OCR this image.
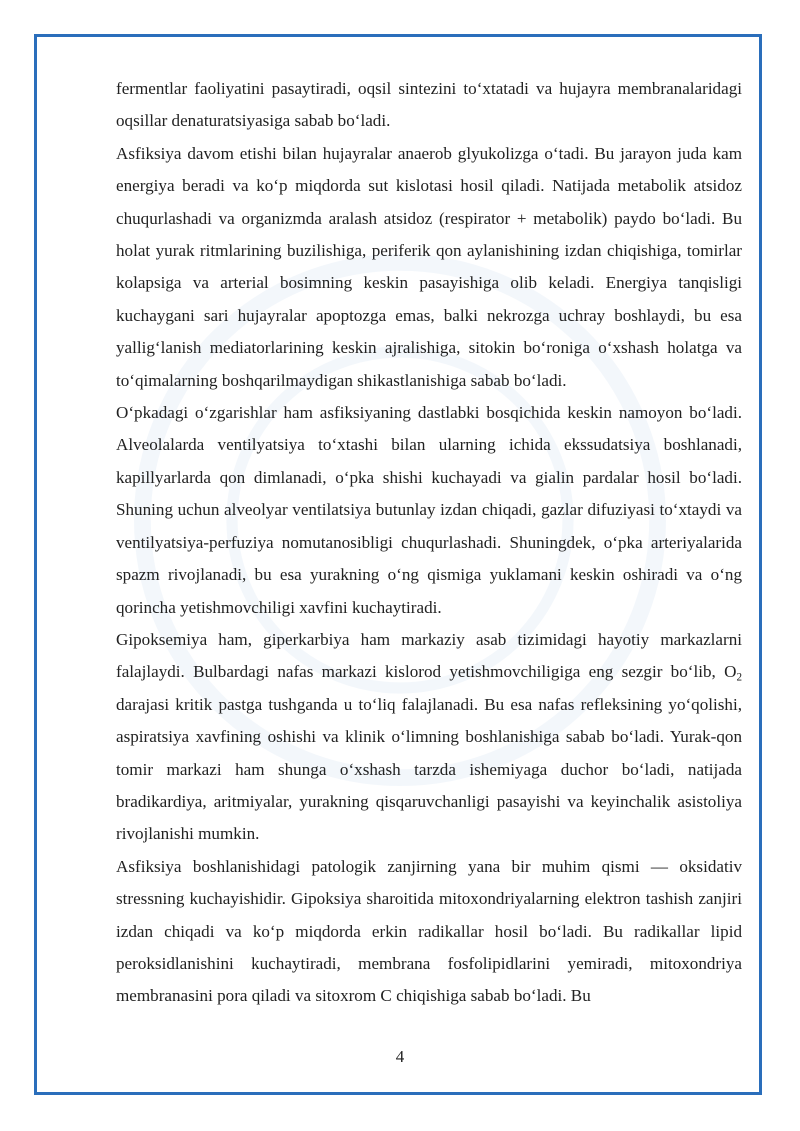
fermentlar faoliyatini pasaytiradi, oqsil sintezini to‘xtatadi va hujayra membranalaridagi oqsillar denaturatsiyasiga sabab bo‘ladi.

Asfiksiya davom etishi bilan hujayralar anaerob glyukolizga o‘tadi. Bu jarayon juda kam energiya beradi va ko‘p miqdorda sut kislotasi hosil qiladi. Natijada metabolik atsidoz chuqurlashadi va organizmda aralash atsidoz (respirator + metabolik) paydo bo‘ladi. Bu holat yurak ritmlarining buzilishiga, periferik qon aylanishining izdan chiqishiga, tomirlar kolapsiga va arterial bosimning keskin pasayishiga olib keladi. Energiya tanqisligi kuchaygani sari hujayralar apoptozga emas, balki nekrozga uchray boshlaydi, bu esa yallig‘lanish mediatorlarining keskin ajralishiga, sitokin bo‘roniga o‘xshash holatga va to‘qimalarning boshqarilmaydigan shikastlanishiga sabab bo‘ladi.

O‘pkadagi o‘zgarishlar ham asfiksiyaning dastlabki bosqichida keskin namoyon bo‘ladi. Alveolalarda ventilyatsiya to‘xtashi bilan ularning ichida ekssudatsiya boshlanadi, kapillyarlarda qon dimlanadi, o‘pka shishi kuchayadi va gialin pardalar hosil bo‘ladi. Shuning uchun alveolyar ventilatsiya butunlay izdan chiqadi, gazlar difuziyasi to‘xtaydi va ventilyatsiya-perfuziya nomutanosibligi chuqurlashadi. Shuningdek, o‘pka arteriyalarida spazm rivojlanadi, bu esa yurakning o‘ng qismiga yuklamani keskin oshiradi va o‘ng qorincha yetishmovchiligi xavfini kuchaytiradi.

Gipoksemiya ham, giperkarbiya ham markaziy asab tizimidagi hayotiy markazlarni falajlaydi. Bulbardagi nafas markazi kislorod yetishmovchiligiga eng sezgir bo‘lib, $O_2$ darajasi kritik pastga tushganda u to‘liq falajlanadi. Bu esa nafas refleksining yo‘qolishi, aspiratsiya xavfining oshishi va klinik o‘limning boshlanishiga sabab bo‘ladi. Yurak-qon tomir markazi ham shunga o‘xshash tarzda ishemiyaga duchor bo‘ladi, natijada bradikardiya, aritmiyalar, yurakning qisqaruvchanligi pasayishi va keyinchalik asistoliya rivojlanishi mumkin.

Asfiksiya boshlanishidagi patologik zanjirning yana bir muhim qismi — oksidativ stressning kuchayishidir. Gipoksiya sharoitida mitoxondriyalarning elektron tashish zanjiri izdan chiqadi va ko‘p miqdorda erkin radikallar hosil bo‘ladi. Bu radikallar lipid peroksidlanishini kuchaytiradi, membrana fosfolipidlarini yemiradi, mitoxondriya membranasini pora qiladi va sitoxrom C chiqishiga sabab bo‘ladi. Bu

4
